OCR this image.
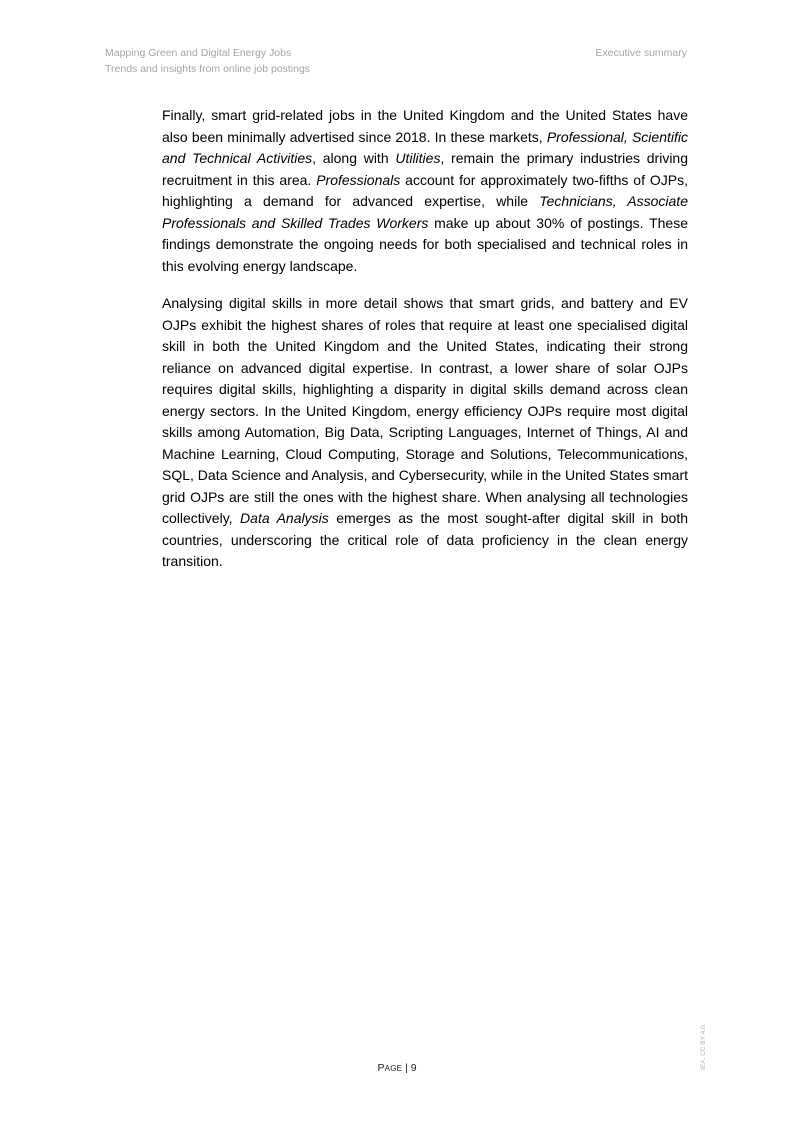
Mapping Green and Digital Energy Jobs
Trends and insights from online job postings
Executive summary

Finally, smart grid-related jobs in the United Kingdom and the United States have also been minimally advertised since 2018. In these markets, Professional, Scientific and Technical Activities, along with Utilities, remain the primary industries driving recruitment in this area. Professionals account for approximately two-fifths of OJPs, highlighting a demand for advanced expertise, while Technicians, Associate Professionals and Skilled Trades Workers make up about 30% of postings. These findings demonstrate the ongoing needs for both specialised and technical roles in this evolving energy landscape.

Analysing digital skills in more detail shows that smart grids, and battery and EV OJPs exhibit the highest shares of roles that require at least one specialised digital skill in both the United Kingdom and the United States, indicating their strong reliance on advanced digital expertise. In contrast, a lower share of solar OJPs requires digital skills, highlighting a disparity in digital skills demand across clean energy sectors. In the United Kingdom, energy efficiency OJPs require most digital skills among Automation, Big Data, Scripting Languages, Internet of Things, AI and Machine Learning, Cloud Computing, Storage and Solutions, Telecommunications, SQL, Data Science and Analysis, and Cybersecurity, while in the United States smart grid OJPs are still the ones with the highest share. When analysing all technologies collectively, Data Analysis emerges as the most sought-after digital skill in both countries, underscoring the critical role of data proficiency in the clean energy transition.

PAGE | 9	IEA. CC BY 4.0.
